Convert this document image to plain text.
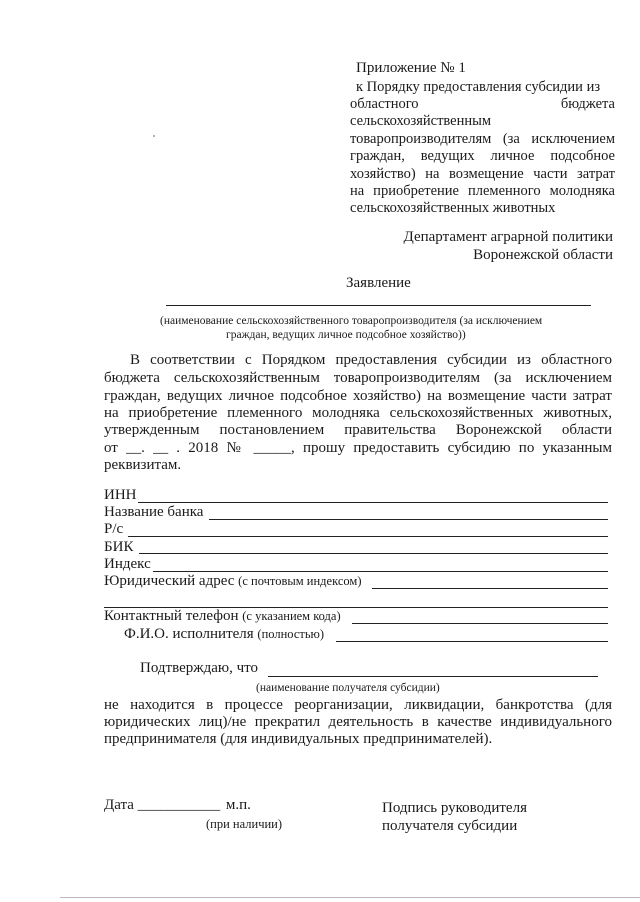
Приложение № 1
к Порядку предоставления субсидии из
областного	бюджета
сельскохозяйственным
товаропроизводителям (за исключением
граждан, ведущих личное подсобное
хозяйство) на возмещение части затрат
на приобретение племенного молодняка
сельскохозяйственных животных
Департамент аграрной политики
Воронежской области
Заявление
(наименование сельскохозяйственного товаропроизводителя (за исключением
граждан, ведущих личное подсобное хозяйство))
В соответствии с Порядком предоставления субсидии из областного
бюджета сельскохозяйственным товаропроизводителям (за исключением
граждан, ведущих личное подсобное хозяйство) на возмещение части затрат
на приобретение племенного молодняка сельскохозяйственных животных,
утвержденным постановлением правительства Воронежской области
от __. __ . 2018 № _____, прошу предоставить субсидию по указанным
реквизитам.
ИНН
Название банка
Р/с
БИК
Индекс
Юридический адрес (с почтовым индексом)
Контактный телефон (с указанием кода)
Ф.И.О. исполнителя (полностью)
Подтверждаю, что
(наименование получателя субсидии)
не находится в процессе реорганизации, ликвидации, банкротства (для
юридических лиц)/не прекратил деятельность в качестве индивидуального
предпринимателя (для индивидуальных предпринимателей).
Дата ___________ м.п.
(при наличии)
Подпись руководителя
получателя субсидии
